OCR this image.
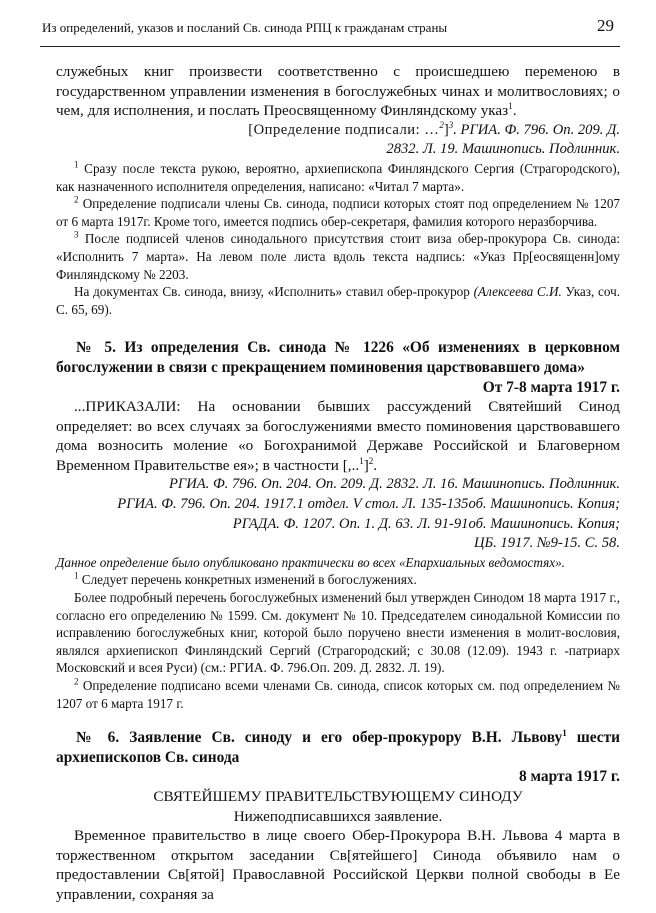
Из определений, указов и посланий Св. синода РПЦ к гражданам страны	29

служебных книг произвести соответственно с происшедшею переменою в государственном управлении изменения в богослужебных чинах и молитвословиях; о чем, для исполнения, и послать Преосвященному Финляндскому указ$^1$.

[Определение подписали: …$^2$]$^3$. РГИА. Ф. 796. Оп. 209. Д.

2832. Л. 19. Машинопись. Подлинник.

$^1$ Сразу после текста рукою, вероятно, архиепископа Финляндского Сергия (Страгородского), как назначенного исполнителя определения, написано: «Читал 7 марта».

$^2$ Определение подписали члены Св. синода, подписи которых стоят под определением № 1207 от 6 марта 1917г. Кроме того, имеется подпись обер-секретаря, фамилия которого неразборчива.

$^3$ После подписей членов синодального присутствия стоит виза обер-прокурора Св. синода: «Исполнить 7 марта». На левом поле листа вдоль текста надпись: «Указ Пр[еосвященн]ому Финляндскому № 2203.

На документах Св. синода, внизу, «Исполнить» ставил обер-прокурор (Алексеева С.И. Указ, соч. С. 65, 69).

№ 5. Из определения Св. синода № 1226 «Об изменениях в церковном богослужении в связи с прекращением поминовения царствовавшего дома»

От 7-8 марта 1917 г.

...ПРИКАЗАЛИ: На основании бывших рассуждений Святейший Синод определяет: во всех случаях за богослужениями вместо поминовения царствовавшего дома возносить моление «о Богохранимой Державе Российской и Благоверном Временном Правительстве ея»; в частности $[,..^1]^2$.

РГИА. Ф. 796. Оп. 204. Оп. 209. Д. 2832. Л. 16. Машинопись. Подлинник.

РГИА. Ф. 796. Оп. 204. 1917.1 отдел. V стол. Л. 135-135об. Машинопись. Копия;

РГАДА. Ф. 1207. Оп. 1. Д. 63. Л. 91-91об. Машинопись. Копия;

ЦБ. 1917. №9-15. С. 58.

Данное определение было опубликовано практически во всех «Епархиальных ведомостях».

$^1$ Следует перечень конкретных изменений в богослужениях.

Более подробный перечень богослужебных изменений был утвержден Синодом 18 марта 1917 г., согласно его определению № 1599. См. документ № 10. Председателем синодальной Комиссии по исправлению богослужебных книг, которой было поручено внести изменения в молит-вословия, являлся архиепископ Финляндский Сергий (Страгородский; с 30.08 (12.09). 1943 г. -патриарх Московский и всея Руси) (см.: РГИА. Ф. 796.Оп. 209. Д. 2832. Л. 19).

$^2$ Определение подписано всеми членами Св. синода, список которых см. под определением № 1207 от 6 марта 1917 г.

№ 6. Заявление Св. синоду и его обер-прокурору В.Н. Львову$^1$ шести архиепископов Св. синода

8 марта 1917 г.

СВЯТЕЙШЕМУ ПРАВИТЕЛЬСТВУЮЩЕМУ СИНОДУ

Нижеподписавшихся заявление.

Временное правительство в лице своего Обер-Прокурора В.Н. Львова 4 марта в торжественном открытом заседании Св[ятейшего] Синода объявило нам о предоставлении Св[ятой] Православной Российской Церкви полной свободы в Ее управлении, сохраняя за
